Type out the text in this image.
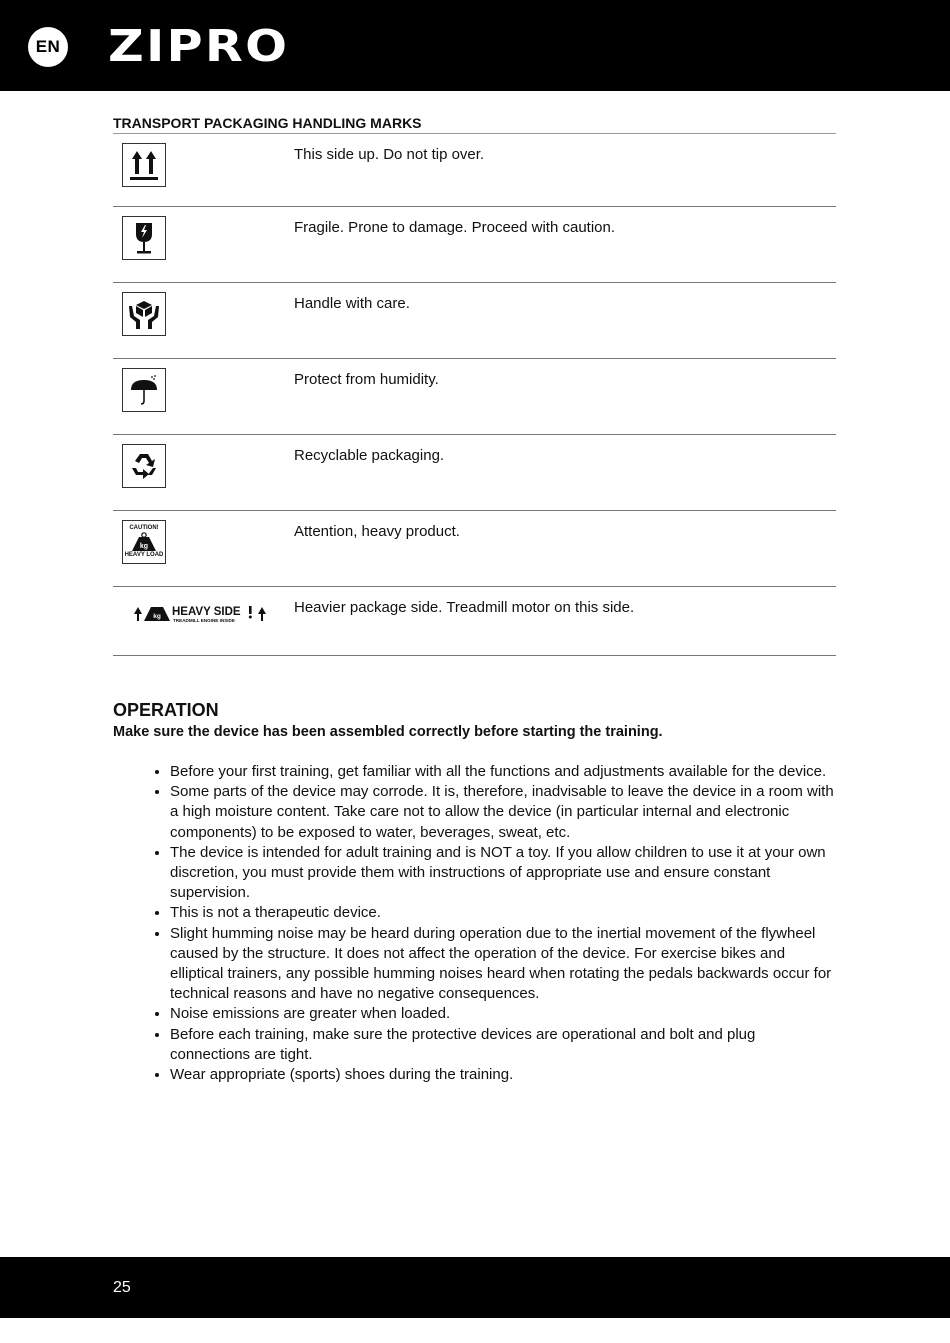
EN ZIPRO
TRANSPORT PACKAGING HANDLING MARKS
	This side up. Do not tip over.

	Fragile. Prone to damage. Proceed with caution.

	Handle with care.

	Protect from humidity.

	Recyclable packaging.

CAUTION!
kg
HEAVY LOAD	Attention, heavy product.

kg HEAVY SIDE
TREADMILL ENGINE INSIDE	Heavier package side. Treadmill motor on this side.
OPERATION
Make sure the device has been assembled correctly before starting the training.
• Before your first training, get familiar with all the functions and adjustments available for the device.
• Some parts of the device may corrode. It is, therefore, inadvisable to leave the device in a room with a high moisture content. Take care not to allow the device (in particular internal and electronic components) to be exposed to water, beverages, sweat, etc.
• The device is intended for adult training and is NOT a toy. If you allow children to use it at your own discretion, you must provide them with instructions of appropriate use and ensure constant supervision.
• This is not a therapeutic device.
• Slight humming noise may be heard during operation due to the inertial movement of the flywheel caused by the structure. It does not affect the operation of the device. For exercise bikes and elliptical trainers, any possible humming noises heard when rotating the pedals backwards occur for technical reasons and have no negative consequences.
• Noise emissions are greater when loaded.
• Before each training, make sure the protective devices are operational and bolt and plug connections are tight.
• Wear appropriate (sports) shoes during the training.
25
